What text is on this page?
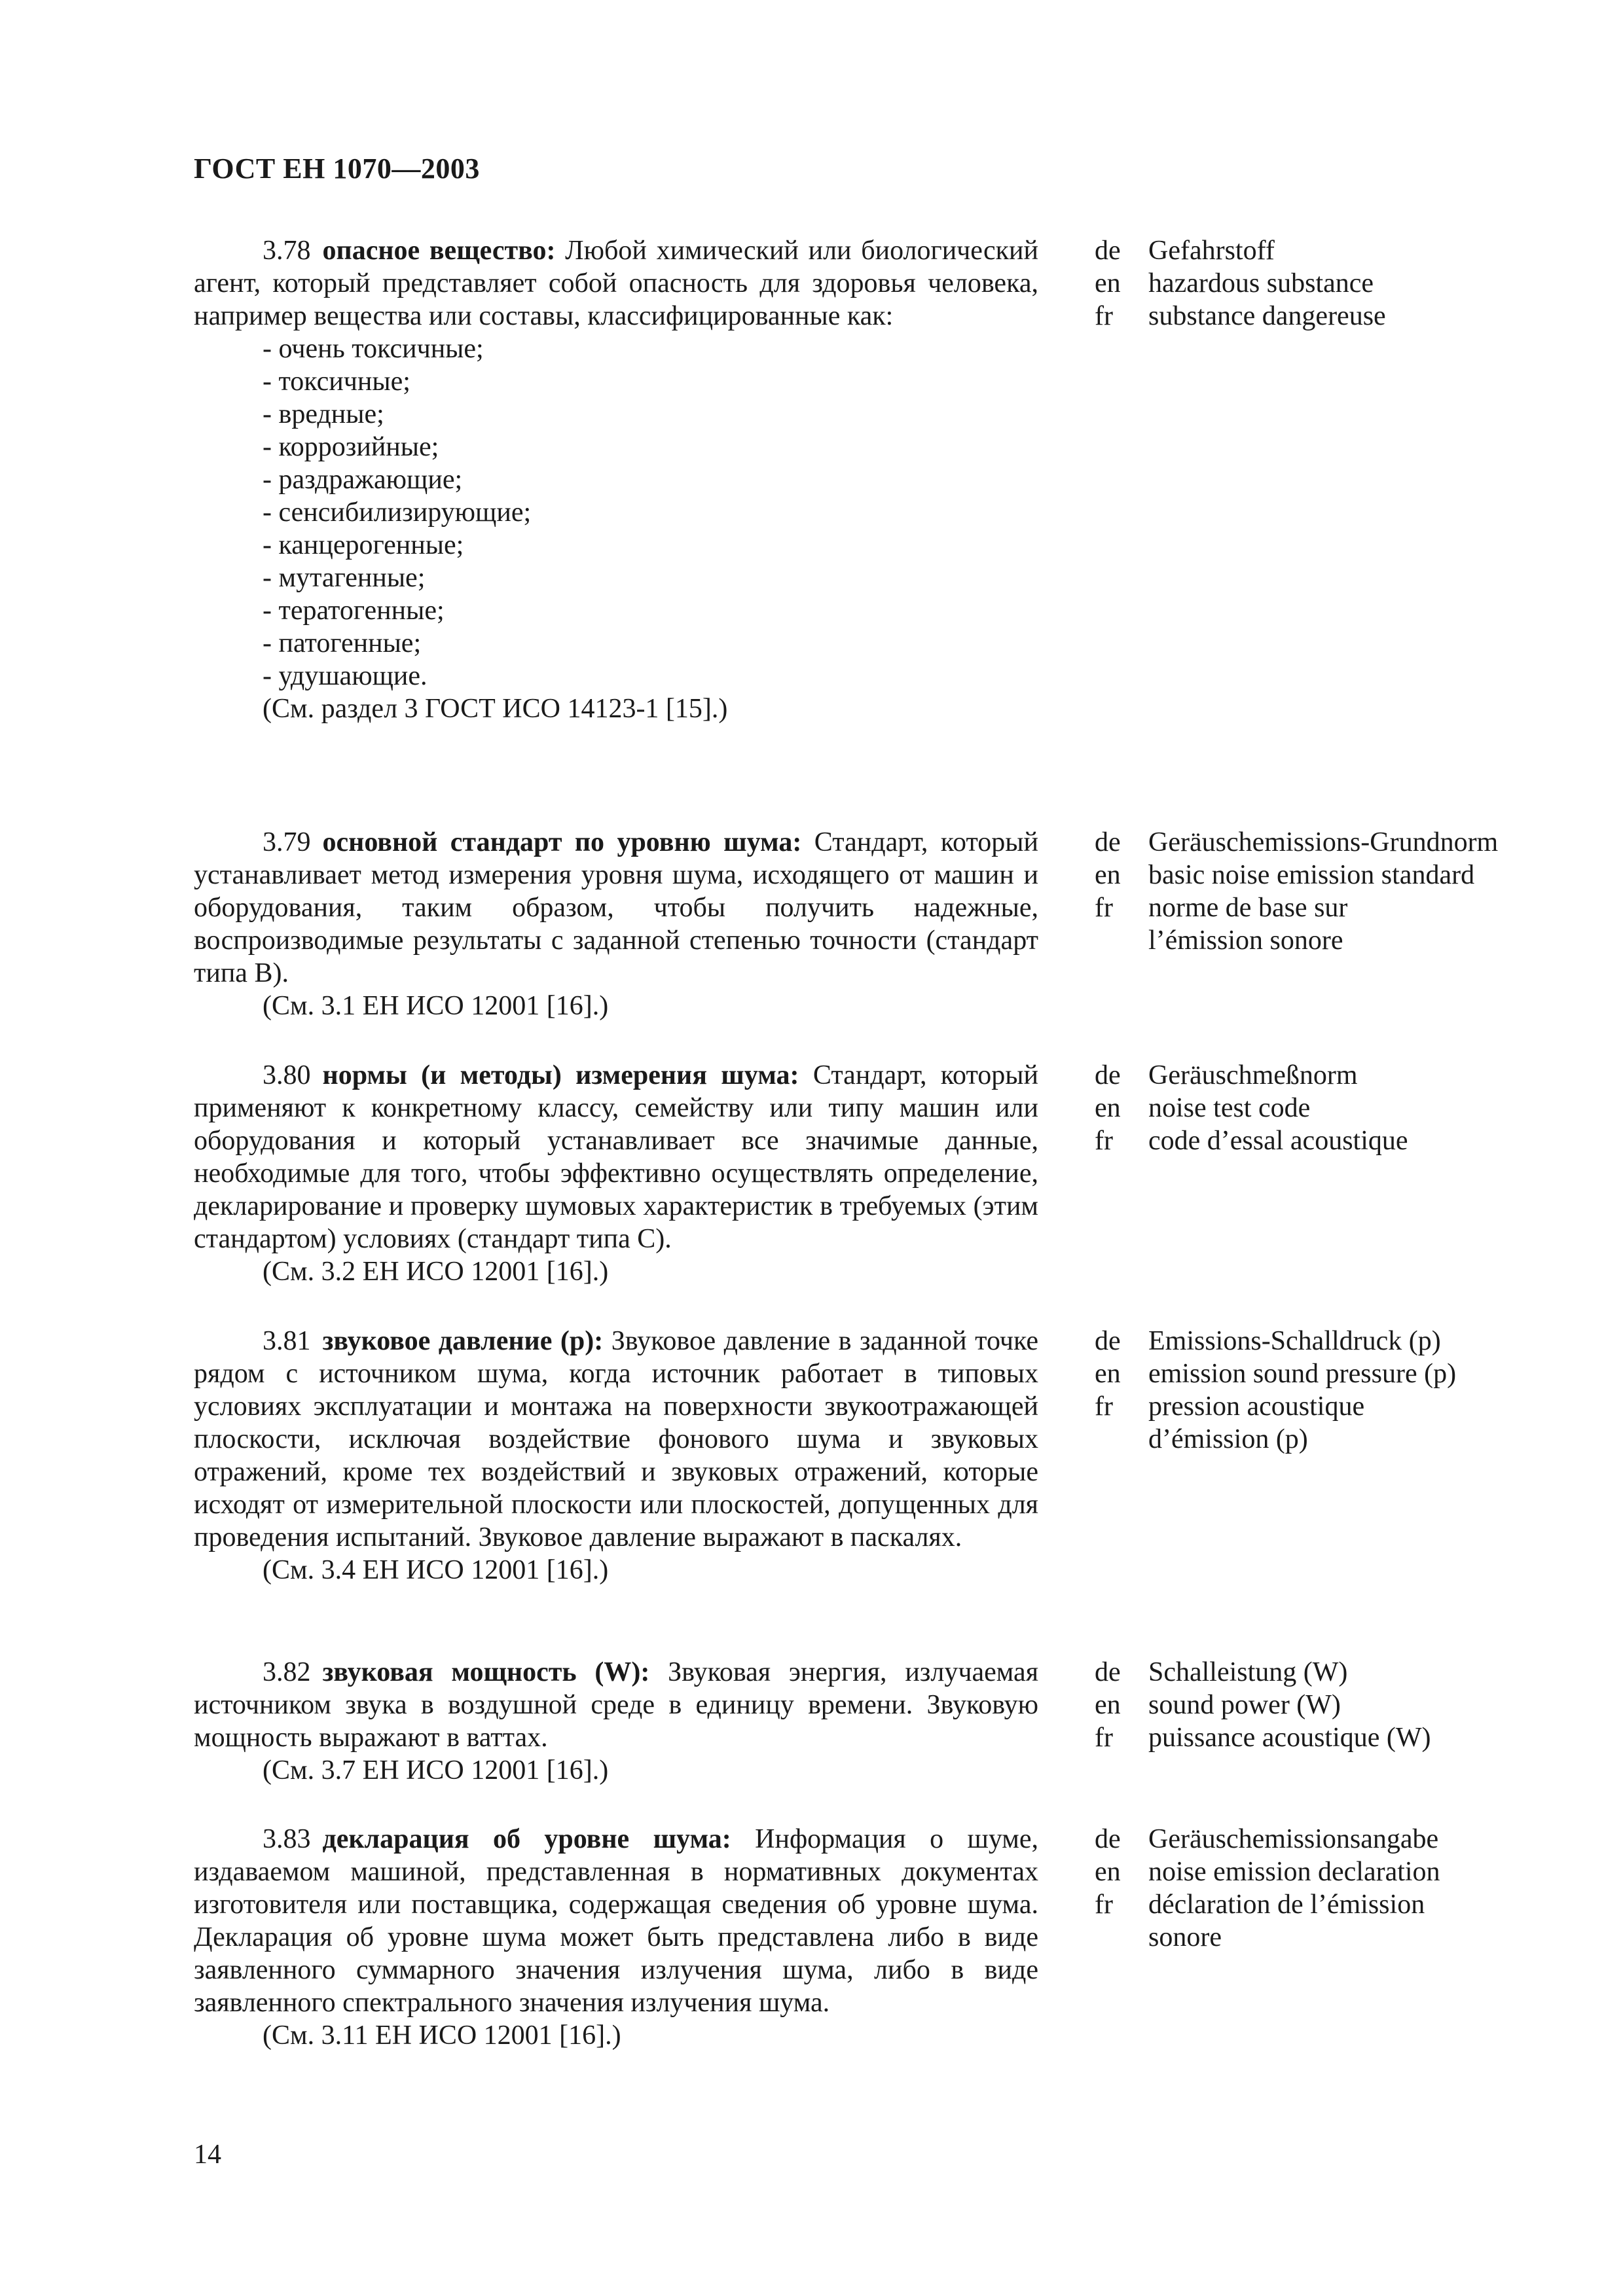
ГОСТ ЕН 1070—2003

3.78 опасное вещество: Любой химический или биологический агент, который представляет собой опасность для здоровья человека, например вещества или составы, классифицированные как:

- очень токсичные;
- токсичные;
- вредные;
- коррозийные;
- раздражающие;
- сенсибилизирующие;
- канцерогенные;
- мутагенные;
- тератогенные;
- патогенные;
- удушающие.

(См. раздел 3 ГОСТ ИСО 14123-1 [15].)

de	Gefahrstoff
en	hazardous substance
fr	substance dangereuse

3.79 основной стандарт по уровню шума: Стандарт, который устанавливает метод измерения уровня шума, исходящего от машин и оборудования, таким образом, чтобы получить надежные, воспроизводимые результаты с заданной степенью точности (стандарт типа В).

(См. 3.1 ЕН ИСО 12001 [16].)

de	Geräuschemissions-Grundnorm
en	basic noise emission standard
fr	norme de base sur l’émission sonore

3.80 нормы (и методы) измерения шума: Стандарт, который применяют к конкретному классу, семейству или типу машин или оборудования и который устанавливает все значимые данные, необходимые для того, чтобы эффективно осуществлять определение, декларирование и проверку шумовых характеристик в требуемых (этим стандартом) условиях (стандарт типа С).

(См. 3.2 ЕН ИСО 12001 [16].)

de	Geräuschmeßnorm
en	noise test code
fr	code d’essal acoustique

3.81 звуковое давление (p): Звуковое давление в заданной точке рядом с источником шума, когда источник работает в типовых условиях эксплуатации и монтажа на поверхности звукоотражающей плоскости, исключая воздействие фонового шума и звуковых отражений, кроме тех воздействий и звуковых отражений, которые исходят от измерительной плоскости или плоскостей, допущенных для проведения испытаний. Звуковое давление выражают в паскалях.

(См. 3.4 ЕН ИСО 12001 [16].)

de	Emissions-Schalldruck (p)
en	emission sound pressure (p)
fr	pression acoustique d’émission (p)

3.82 звуковая мощность (W): Звуковая энергия, излучаемая источником звука в воздушной среде в единицу времени. Звуковую мощность выражают в ваттах.

(См. 3.7 ЕН ИСО 12001 [16].)

de	Schalleistung (W)
en	sound power (W)
fr	puissance acoustique (W)

3.83 декларация об уровне шума: Информация о шуме, издаваемом машиной, представленная в нормативных документах изготовителя или поставщика, содержащая сведения об уровне шума. Декларация об уровне шума может быть представлена либо в виде заявленного суммарного значения излучения шума, либо в виде заявленного спектрального значения излучения шума.

(См. 3.11 ЕН ИСО 12001 [16].)

de	Geräuschemissionsangabe
en	noise emission declaration
fr	déclaration de l’émission sonore
14
